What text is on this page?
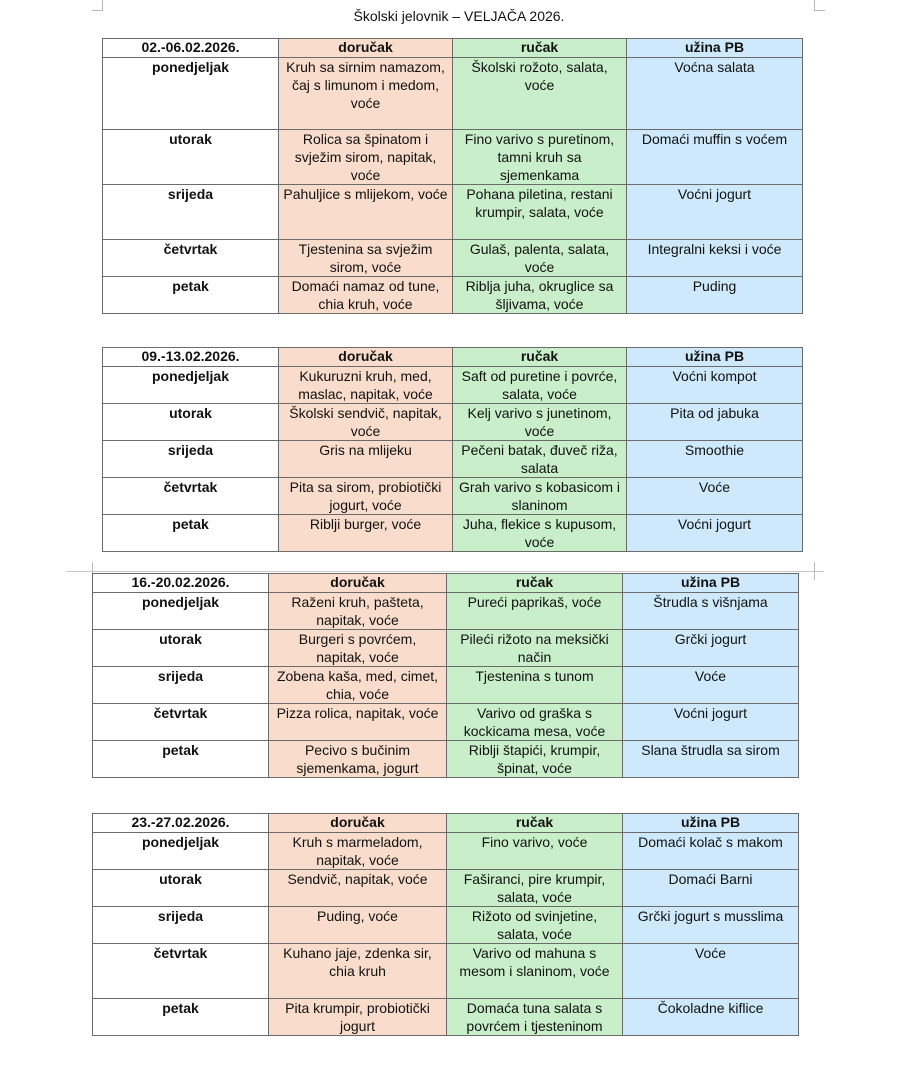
Školski jelovnik – VELJAČA 2026.
02.-06.02.2026.	doručak	ručak	užina PB
ponedjeljak	Kruh sa sirnim namazom, čaj s limunom i medom, voće	Školski rožoto, salata, voće	Voćna salata
utorak	Rolica sa špinatom i svježim sirom, napitak, voće	Fino varivo s puretinom, tamni kruh sa sjemenkama	Domaći muffin s voćem
srijeda	Pahuljice s mlijekom, voće	Pohana piletina, restani krumpir, salata, voće	Voćni jogurt
četvrtak	Tjestenina sa svježim sirom, voće	Gulaš, palenta, salata, voće	Integralni keksi i voće
petak	Domaći namaz od tune, chia kruh, voće	Riblja juha, okruglice sa šljivama, voće	Puding
09.-13.02.2026.	doručak	ručak	užina PB
ponedjeljak	Kukuruzni kruh, med, maslac, napitak, voće	Saft od puretine i povrće, salata, voće	Voćni kompot
utorak	Školski sendvič, napitak, voće	Kelj varivo s junetinom, voće	Pita od jabuka
srijeda	Gris na mlijeku	Pečeni batak, đuveč riža, salata	Smoothie
četvrtak	Pita sa sirom, probiotički jogurt, voće	Grah varivo s kobasicom i slaninom	Voće
petak	Riblji burger, voće	Juha, flekice s kupusom, voće	Voćni jogurt
16.-20.02.2026.	doručak	ručak	užina PB
ponedjeljak	Raženi kruh, pašteta, napitak, voće	Pureći paprikaš, voće	Štrudla s višnjama
utorak	Burgeri s povrćem, napitak, voće	Pileći rižoto na meksički način	Grčki jogurt
srijeda	Zobena kaša, med, cimet, chia, voće	Tjestenina s tunom	Voće
četvrtak	Pizza rolica, napitak, voće	Varivo od graška s kockicama mesa, voće	Voćni jogurt
petak	Pecivo s bučinim sjemenkama, jogurt	Riblji štapići, krumpir, špinat, voće	Slana štrudla sa sirom
23.-27.02.2026.	doručak	ručak	užina PB
ponedjeljak	Kruh s marmeladom, napitak, voće	Fino varivo, voće	Domaći kolač s makom
utorak	Sendvič, napitak, voće	Faširanci, pire krumpir, salata, voće	Domaći Barni
srijeda	Puding, voće	Rižoto od svinjetine, salata, voće	Grčki jogurt s musslima
četvrtak	Kuhano jaje, zdenka sir, chia kruh	Varivo od mahuna s mesom i slaninom, voće	Voće
petak	Pita krumpir, probiotički jogurt	Domaća tuna salata s povrćem i tjesteninom	Čokoladne kiflice
